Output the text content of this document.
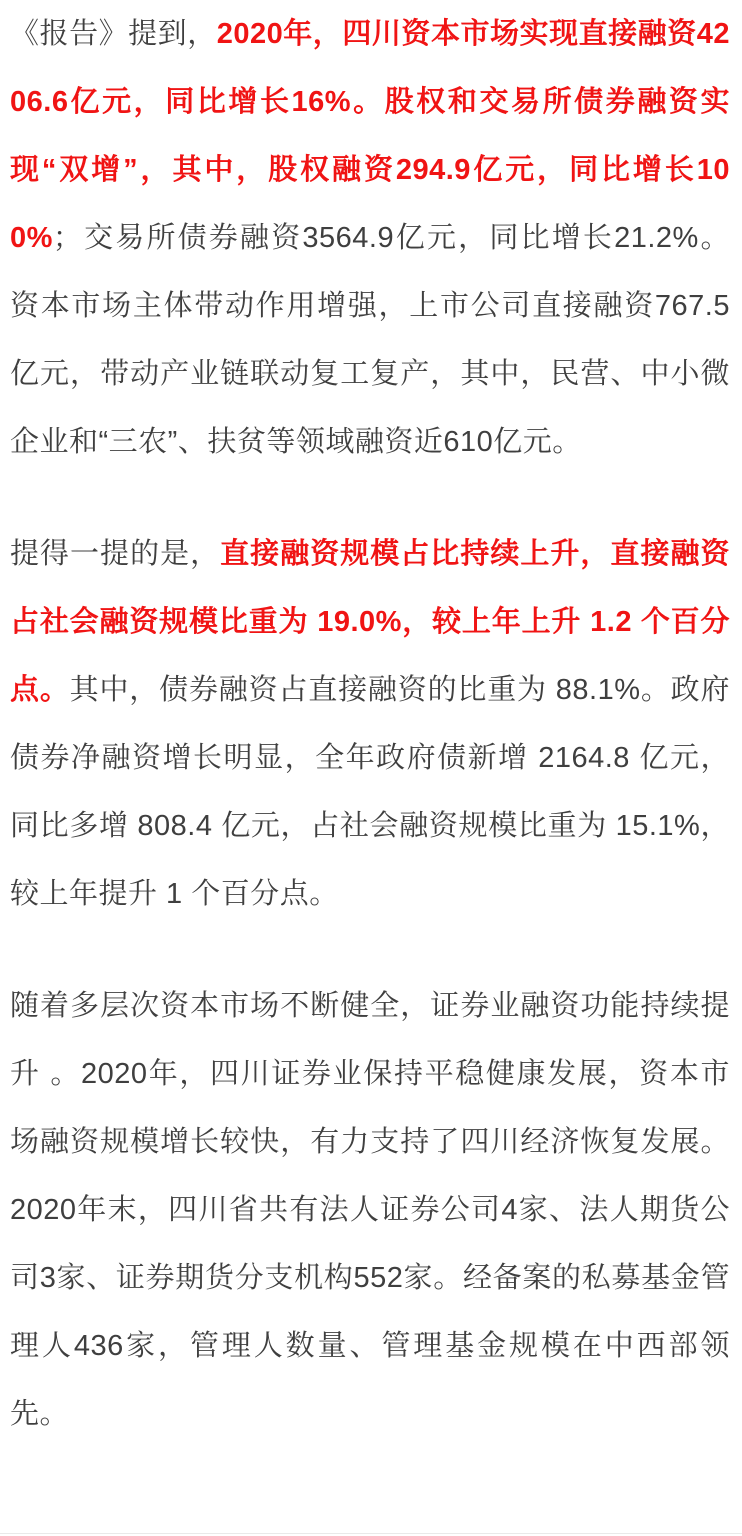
《报告》提到，2020年，四川资本市场实现直接融资4206.6亿元，同比增长16%。股权和交易所债券融资实现“双增”，其中，股权融资294.9亿元，同比增长100%；交易所债券融资3564.9亿元，同比增长21.2%。资本市场主体带动作用增强，上市公司直接融资767.5亿元，带动产业链联动复工复产，其中，民营、中小微企业和“三农”、扶贫等领域融资近610亿元。

提得一提的是，直接融资规模占比持续上升，直接融资占社会融资规模比重为 19.0%，较上年上升 1.2 个百分点。其中，债券融资占直接融资的比重为 88.1%。政府债券净融资增长明显，全年政府债新增 2164.8 亿元，同比多增 808.4 亿元，占社会融资规模比重为 15.1%，较上年提升 1 个百分点。

随着多层次资本市场不断健全，证券业融资功能持续提升 。2020年，四川证券业保持平稳健康发展，资本市场融资规模增长较快，有力支持了四川经济恢复发展。2020年末，四川省共有法人证券公司4家、法人期货公司3家、证券期货分支机构552家。经备案的私募基金管理人436家，管理人数量、管理基金规模在中西部领先。
